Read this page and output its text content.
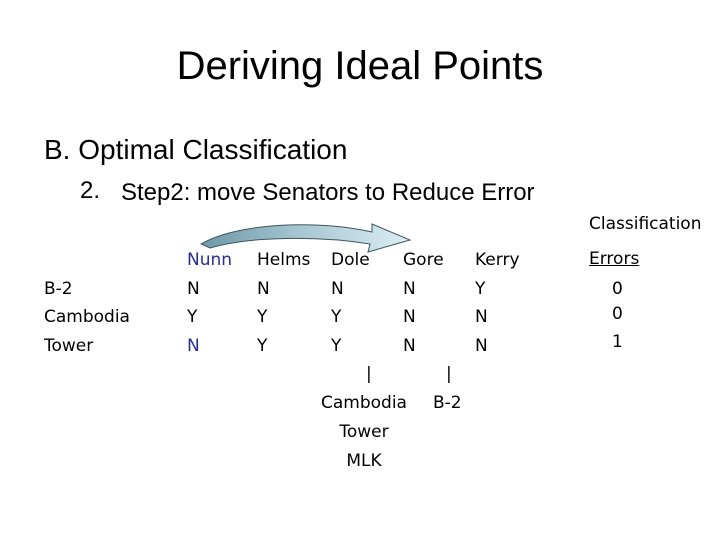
Deriving Ideal Points
B. Optimal Classification
2. Step2: move Senators to Reduce Error
Classification
Errors
Nunn Helms Dole Gore Kerry
B-2	N	N	N	N	Y	0
Cambodia	Y	Y	Y	N	N	0
Tower	N	Y	Y	N	N	1
|	|
Cambodia
Tower
MLK
B-2
